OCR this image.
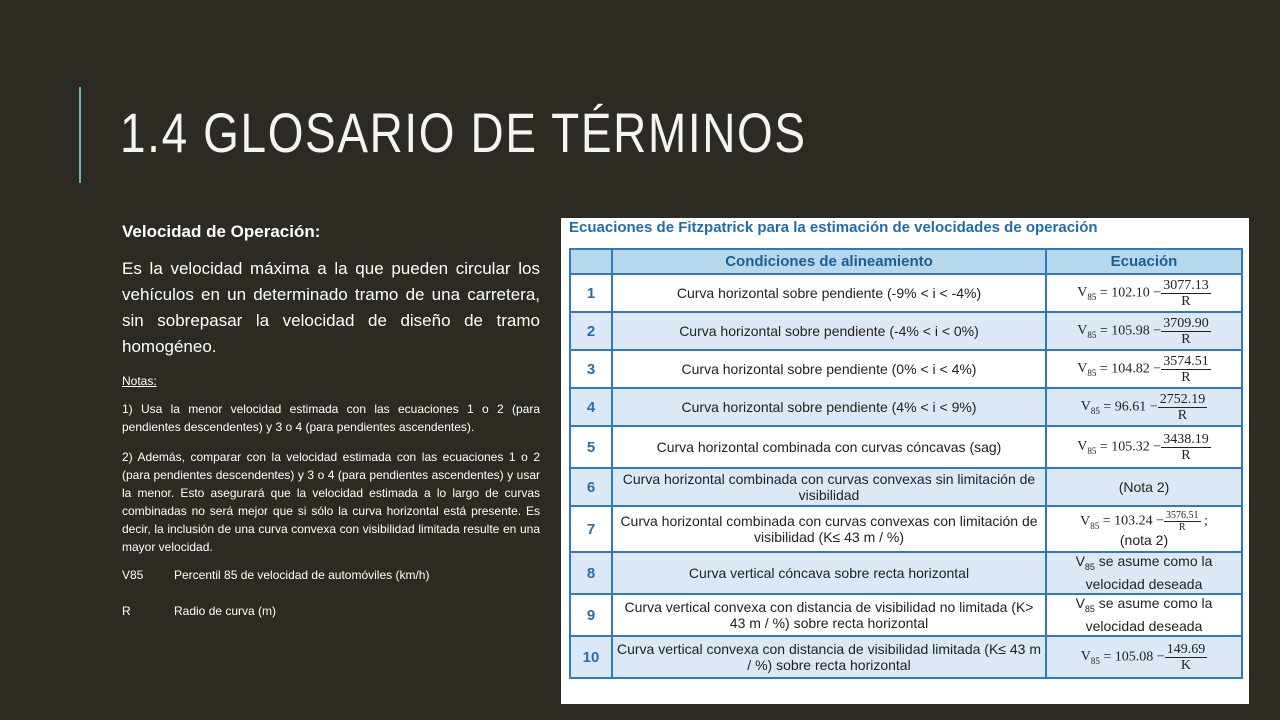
1.4 GLOSARIO DE TÉRMINOS

Velocidad de Operación:

Es la velocidad máxima a la que pueden circular los vehículos en un determinado tramo de una carretera, sin sobrepasar la velocidad de diseño de tramo homogéneo.

Notas:

1) Usa la menor velocidad estimada con las ecuaciones 1 o 2 (para pendientes descendentes) y 3 o 4 (para pendientes ascendentes).

2) Además, comparar con la velocidad estimada con las ecuaciones 1 o 2 (para pendientes descendentes) y 3 o 4 (para pendientes ascendentes) y usar la menor. Esto asegurará que la velocidad estimada a lo largo de curvas combinadas no será mejor que si sólo la curva horizontal está presente. Es decir, la inclusión de una curva convexa con visibilidad limitada resulte en una mayor velocidad.

V85	Percentil 85 de velocidad de automóviles (km/h)
R	Radio de curva (m)
Ecuaciones de Fitzpatrick para la estimación de velocidades de operación
	Condiciones de alineamiento	Ecuación
1	Curva horizontal sobre pendiente (-9% < i < -4%)	$V_{85} = 102.10 - \frac{3077.13}{R}$

2	Curva horizontal sobre pendiente (-4% < i < 0%)	$V_{85} = 105.98 - \frac{3709.90}{R}$

3	Curva horizontal sobre pendiente (0% < i < 4%)	$V_{85} = 104.82 - \frac{3574.51}{R}$

4	Curva horizontal sobre pendiente (4% < i < 9%)	$V_{85} = 96.61 - \frac{2752.19}{R}$

5	Curva horizontal combinada con curvas cóncavas (sag)	$V_{85} = 105.32 - \frac{3438.19}{R}$

6	Curva horizontal combinada con curvas convexas sin limitación de visibilidad	(Nota 2)
7	Curva horizontal combinada con curvas convexas con limitación de visibilidad (K≤ 43 m / %)	$V_{85} = 103.24 - \frac{3576.51}{R}$ ;
(nota 2)

8	Curva vertical cóncava sobre recta horizontal	$V_{85}$ se asume como la velocidad deseada
9	Curva vertical convexa con distancia de visibilidad no limitada (K> 43 m / %) sobre recta horizontal	$V_{85}$ se asume como la velocidad deseada
10	Curva vertical convexa con distancia de visibilidad limitada (K≤ 43 m / %) sobre recta horizontal	$V_{85} = 105.08 - \frac{149.69}{K}$
